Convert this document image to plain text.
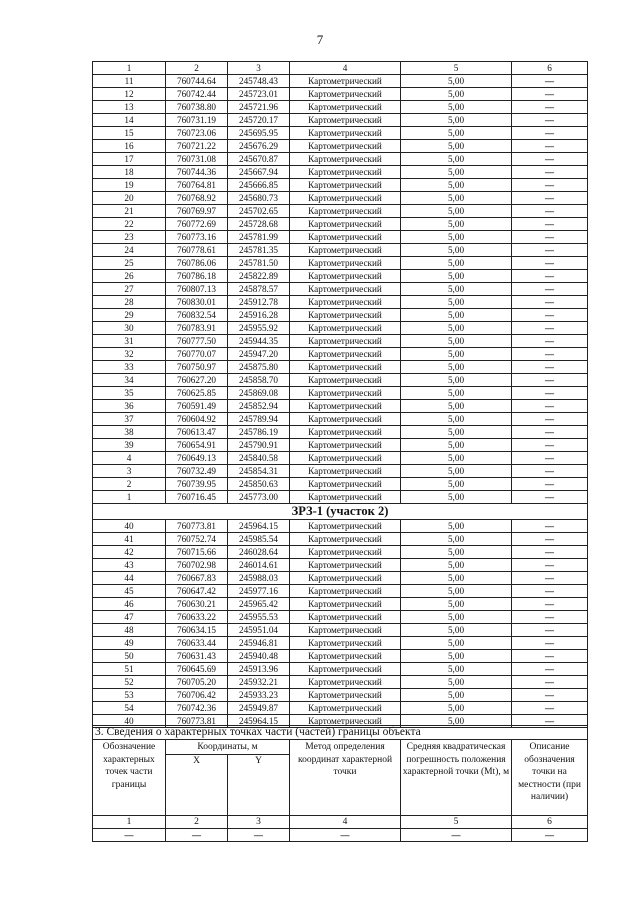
7
1	2	3	4	5	6
11	760744.64	245748.43	Картометрический	5,00	—
12	760742.44	245723.01	Картометрический	5,00	—
13	760738.80	245721.96	Картометрический	5,00	—
14	760731.19	245720.17	Картометрический	5,00	—
15	760723.06	245695.95	Картометрический	5,00	—
16	760721.22	245676.29	Картометрический	5,00	—
17	760731.08	245670.87	Картометрический	5,00	—
18	760744.36	245667.94	Картометрический	5,00	—
19	760764.81	245666.85	Картометрический	5,00	—
20	760768.92	245680.73	Картометрический	5,00	—
21	760769.97	245702.65	Картометрический	5,00	—
22	760772.69	245728.68	Картометрический	5,00	—
23	760773.16	245781.99	Картометрический	5,00	—
24	760778.61	245781.35	Картометрический	5,00	—
25	760786.06	245781.50	Картометрический	5,00	—
26	760786.18	245822.89	Картометрический	5,00	—
27	760807.13	245878.57	Картометрический	5,00	—
28	760830.01	245912.78	Картометрический	5,00	—
29	760832.54	245916.28	Картометрический	5,00	—
30	760783.91	245955.92	Картометрический	5,00	—
31	760777.50	245944.35	Картометрический	5,00	—
32	760770.07	245947.20	Картометрический	5,00	—
33	760750.97	245875.80	Картометрический	5,00	—
34	760627.20	245858.70	Картометрический	5,00	—
35	760625.85	245869.08	Картометрический	5,00	—
36	760591.49	245852.94	Картометрический	5,00	—
37	760604.92	245789.94	Картометрический	5,00	—
38	760613.47	245786.19	Картометрический	5,00	—
39	760654.91	245790.91	Картометрический	5,00	—
4	760649.13	245840.58	Картометрический	5,00	—
3	760732.49	245854.31	Картометрический	5,00	—
2	760739.95	245850.63	Картометрический	5,00	—
1	760716.45	245773.00	Картометрический	5,00	—
ЗРЗ-1 (участок 2)					
40	760773.81	245964.15	Картометрический	5,00	—
41	760752.74	245985.54	Картометрический	5,00	—
42	760715.66	246028.64	Картометрический	5,00	—
43	760702.98	246014.61	Картометрический	5,00	—
44	760667.83	245988.03	Картометрический	5,00	—
45	760647.42	245977.16	Картометрический	5,00	—
46	760630.21	245965.42	Картометрический	5,00	—
47	760633.22	245955.53	Картометрический	5,00	—
48	760634.15	245951.04	Картометрический	5,00	—
49	760633.44	245946.81	Картометрический	5,00	—
50	760631.43	245940.48	Картометрический	5,00	—
51	760645.69	245913.96	Картометрический	5,00	—
52	760705.20	245932.21	Картометрический	5,00	—
53	760706.42	245933.23	Картометрический	5,00	—
54	760742.36	245949.87	Картометрический	5,00	—
40	760773.81	245964.15	Картометрический	5,00	—
3. Сведения о характерных точках части (частей) границы объекта					
Обозначение характерных точек части границы	Координаты, м		Метод определения координат характерной точки	Средняя квадратическая погрешность положения характерной точки (Mt), м	Описание обозначения точки на местности (при наличии)
	X	Y			
1	2	3	4	5	6
—	—	—	—	—	—
